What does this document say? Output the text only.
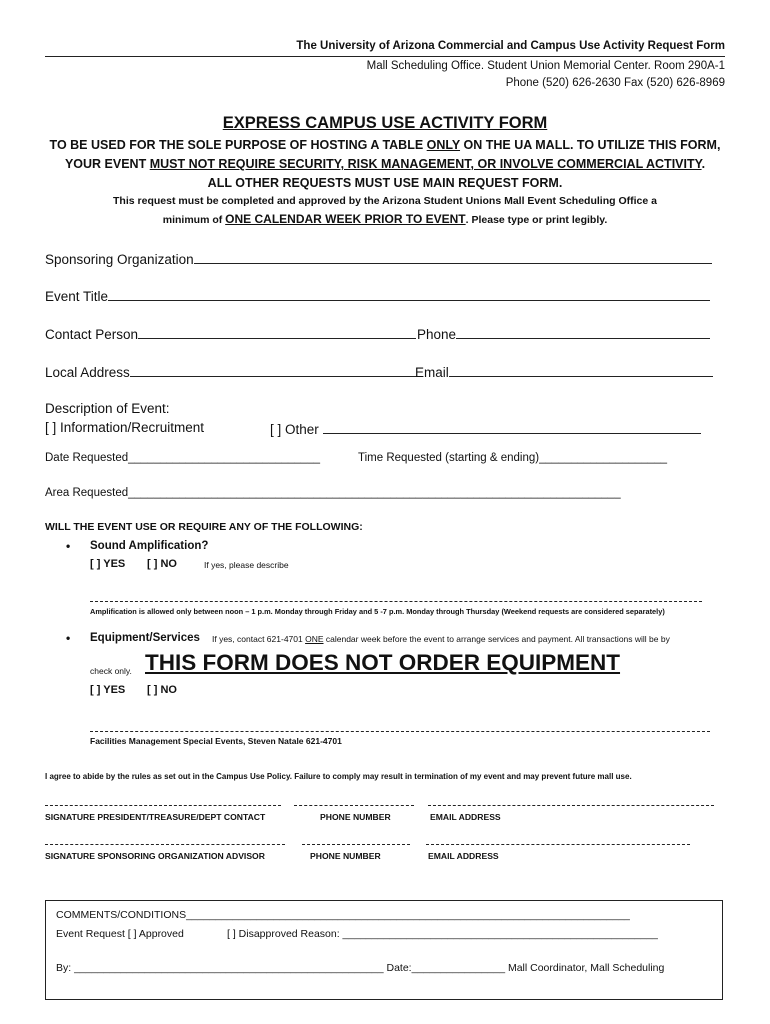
The University of Arizona Commercial and Campus Use Activity Request Form
Mall Scheduling Office. Student Union Memorial Center. Room 290A-1
Phone (520) 626-2630 Fax (520) 626-8969
EXPRESS CAMPUS USE ACTIVITY FORM
TO BE USED FOR THE SOLE PURPOSE OF HOSTING A TABLE ONLY ON THE UA MALL. TO UTILIZE THIS FORM,
YOUR EVENT MUST NOT REQUIRE SECURITY, RISK MANAGEMENT, OR INVOLVE COMMERCIAL ACTIVITY.
ALL OTHER REQUESTS MUST USE MAIN REQUEST FORM.
This request must be completed and approved by the Arizona Student Unions Mall Event Scheduling Office a
minimum of ONE CALENDAR WEEK PRIOR TO EVENT. Please type or print legibly.
Sponsoring Organization
Event Title
Contact Person	Phone
Local Address	Email
Description of Event:
[ ] Information/Recruitment	[ ] Other
Date Requested______________________________	Time Requested (starting & ending)____________________
Area Requested_____________________________________________________________________________
WILL THE EVENT USE OR REQUIRE ANY OF THE FOLLOWING:
• Sound Amplification?
[ ] YES [ ] NO	If yes, please describe
Amplification is allowed only between noon – 1 p.m. Monday through Friday and 5 -7 p.m. Monday through Thursday (Weekend requests are considered separately)
• Equipment/Services If yes, contact 621-4701 ONE calendar week before the event to arrange services and payment. All transactions will be by
check only. THIS FORM DOES NOT ORDER EQUIPMENT
[ ] YES [ ] NO
Facilities Management Special Events, Steven Natale 621-4701
I agree to abide by the rules as set out in the Campus Use Policy. Failure to comply may result in termination of my event and may prevent future mall use.
SIGNATURE PRESIDENT/TREASURE/DEPT CONTACT	PHONE NUMBER	EMAIL ADDRESS
SIGNATURE SPONSORING ORGANIZATION ADVISOR	PHONE NUMBER	EMAIL ADDRESS
COMMENTS/CONDITIONS____________________________________________________________________________
Event Request [ ] Approved	[ ] Disapproved Reason: ______________________________________________________
By: _____________________________________________________ Date:________________ Mall Coordinator, Mall Scheduling
